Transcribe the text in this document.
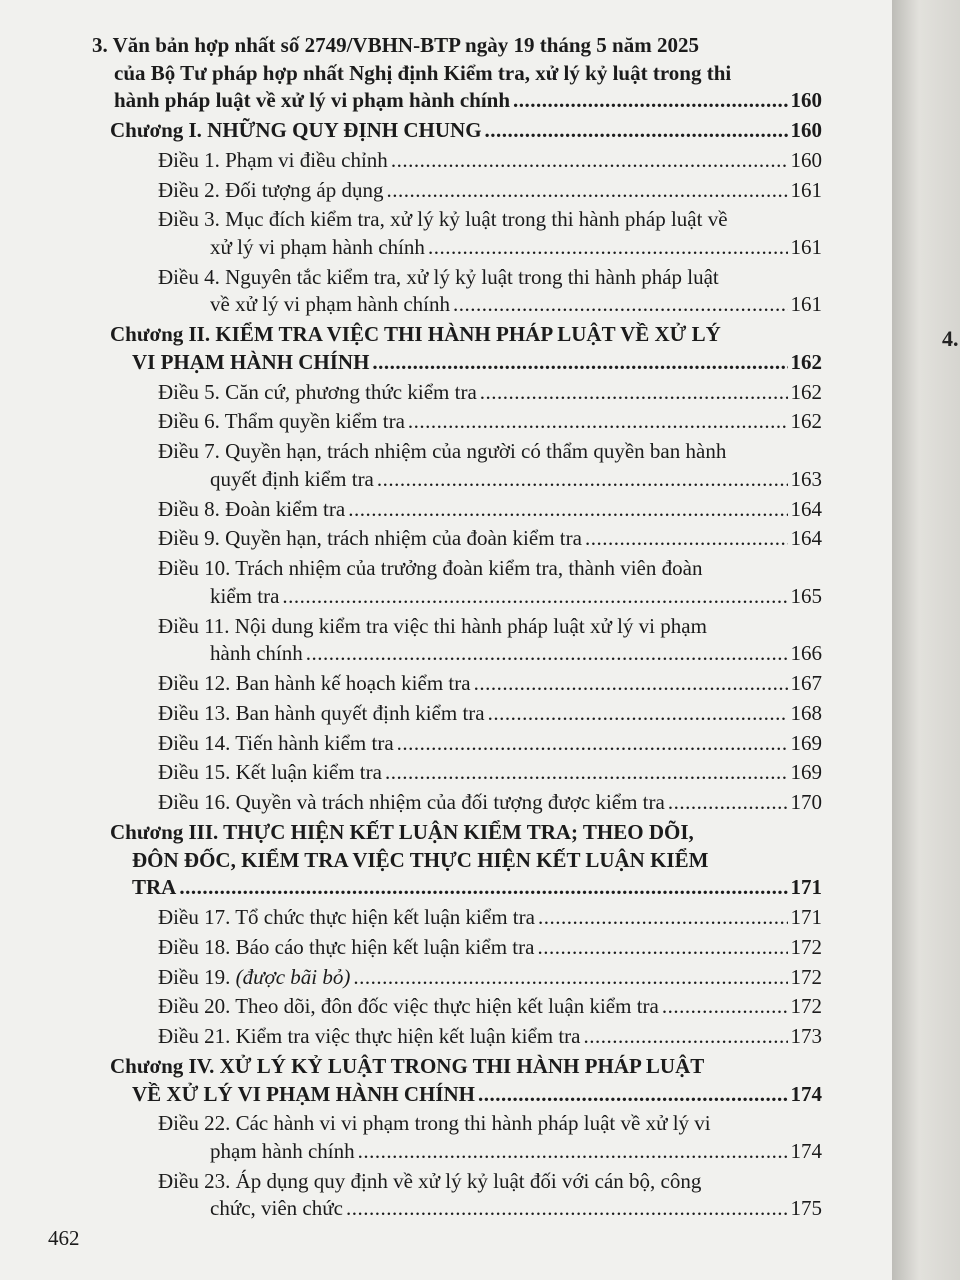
3. Văn bản hợp nhất số 2749/VBHN-BTP ngày 19 tháng 5 năm 2025
của Bộ Tư pháp hợp nhất Nghị định Kiểm tra, xử lý kỷ luật trong thi
hành pháp luật về xử lý vi phạm hành chính .....	160
Chương I. NHỮNG QUY ĐỊNH CHUNG .....	160
Điều 1. Phạm vi điều chỉnh .....	160
Điều 2. Đối tượng áp dụng .....	161
Điều 3. Mục đích kiểm tra, xử lý kỷ luật trong thi hành pháp luật về
xử lý vi phạm hành chính .....	161
Điều 4. Nguyên tắc kiểm tra, xử lý kỷ luật trong thi hành pháp luật
về xử lý vi phạm hành chính .....	161
Chương II. KIỂM TRA VIỆC THI HÀNH PHÁP LUẬT VỀ XỬ LÝ
VI PHẠM HÀNH CHÍNH .....	162
Điều 5. Căn cứ, phương thức kiểm tra .....	162
Điều 6. Thẩm quyền kiểm tra .....	162
Điều 7. Quyền hạn, trách nhiệm của người có thẩm quyền ban hành
quyết định kiểm tra .....	163
Điều 8. Đoàn kiểm tra .....	164
Điều 9. Quyền hạn, trách nhiệm của đoàn kiểm tra .....	164
Điều 10. Trách nhiệm của trưởng đoàn kiểm tra, thành viên đoàn
kiểm tra .....	165
Điều 11. Nội dung kiểm tra việc thi hành pháp luật xử lý vi phạm
hành chính .....	166
Điều 12. Ban hành kế hoạch kiểm tra .....	167
Điều 13. Ban hành quyết định kiểm tra .....	168
Điều 14. Tiến hành kiểm tra .....	169
Điều 15. Kết luận kiểm tra .....	169
Điều 16. Quyền và trách nhiệm của đối tượng được kiểm tra .....	170
Chương III. THỰC HIỆN KẾT LUẬN KIỂM TRA; THEO DÕI,
ĐÔN ĐỐC, KIỂM TRA VIỆC THỰC HIỆN KẾT LUẬN KIỂM
TRA .....	171
Điều 17. Tổ chức thực hiện kết luận kiểm tra .....	171
Điều 18. Báo cáo thực hiện kết luận kiểm tra .....	172
Điều 19. (được bãi bỏ) .....	172
Điều 20. Theo dõi, đôn đốc việc thực hiện kết luận kiểm tra .....	172
Điều 21. Kiểm tra việc thực hiện kết luận kiểm tra .....	173
Chương IV. XỬ LÝ KỶ LUẬT TRONG THI HÀNH PHÁP LUẬT
VỀ XỬ LÝ VI PHẠM HÀNH CHÍNH .....	174
Điều 22. Các hành vi vi phạm trong thi hành pháp luật về xử lý vi
phạm hành chính .....	174
Điều 23. Áp dụng quy định về xử lý kỷ luật đối với cán bộ, công
chức, viên chức .....	175
462
4.
